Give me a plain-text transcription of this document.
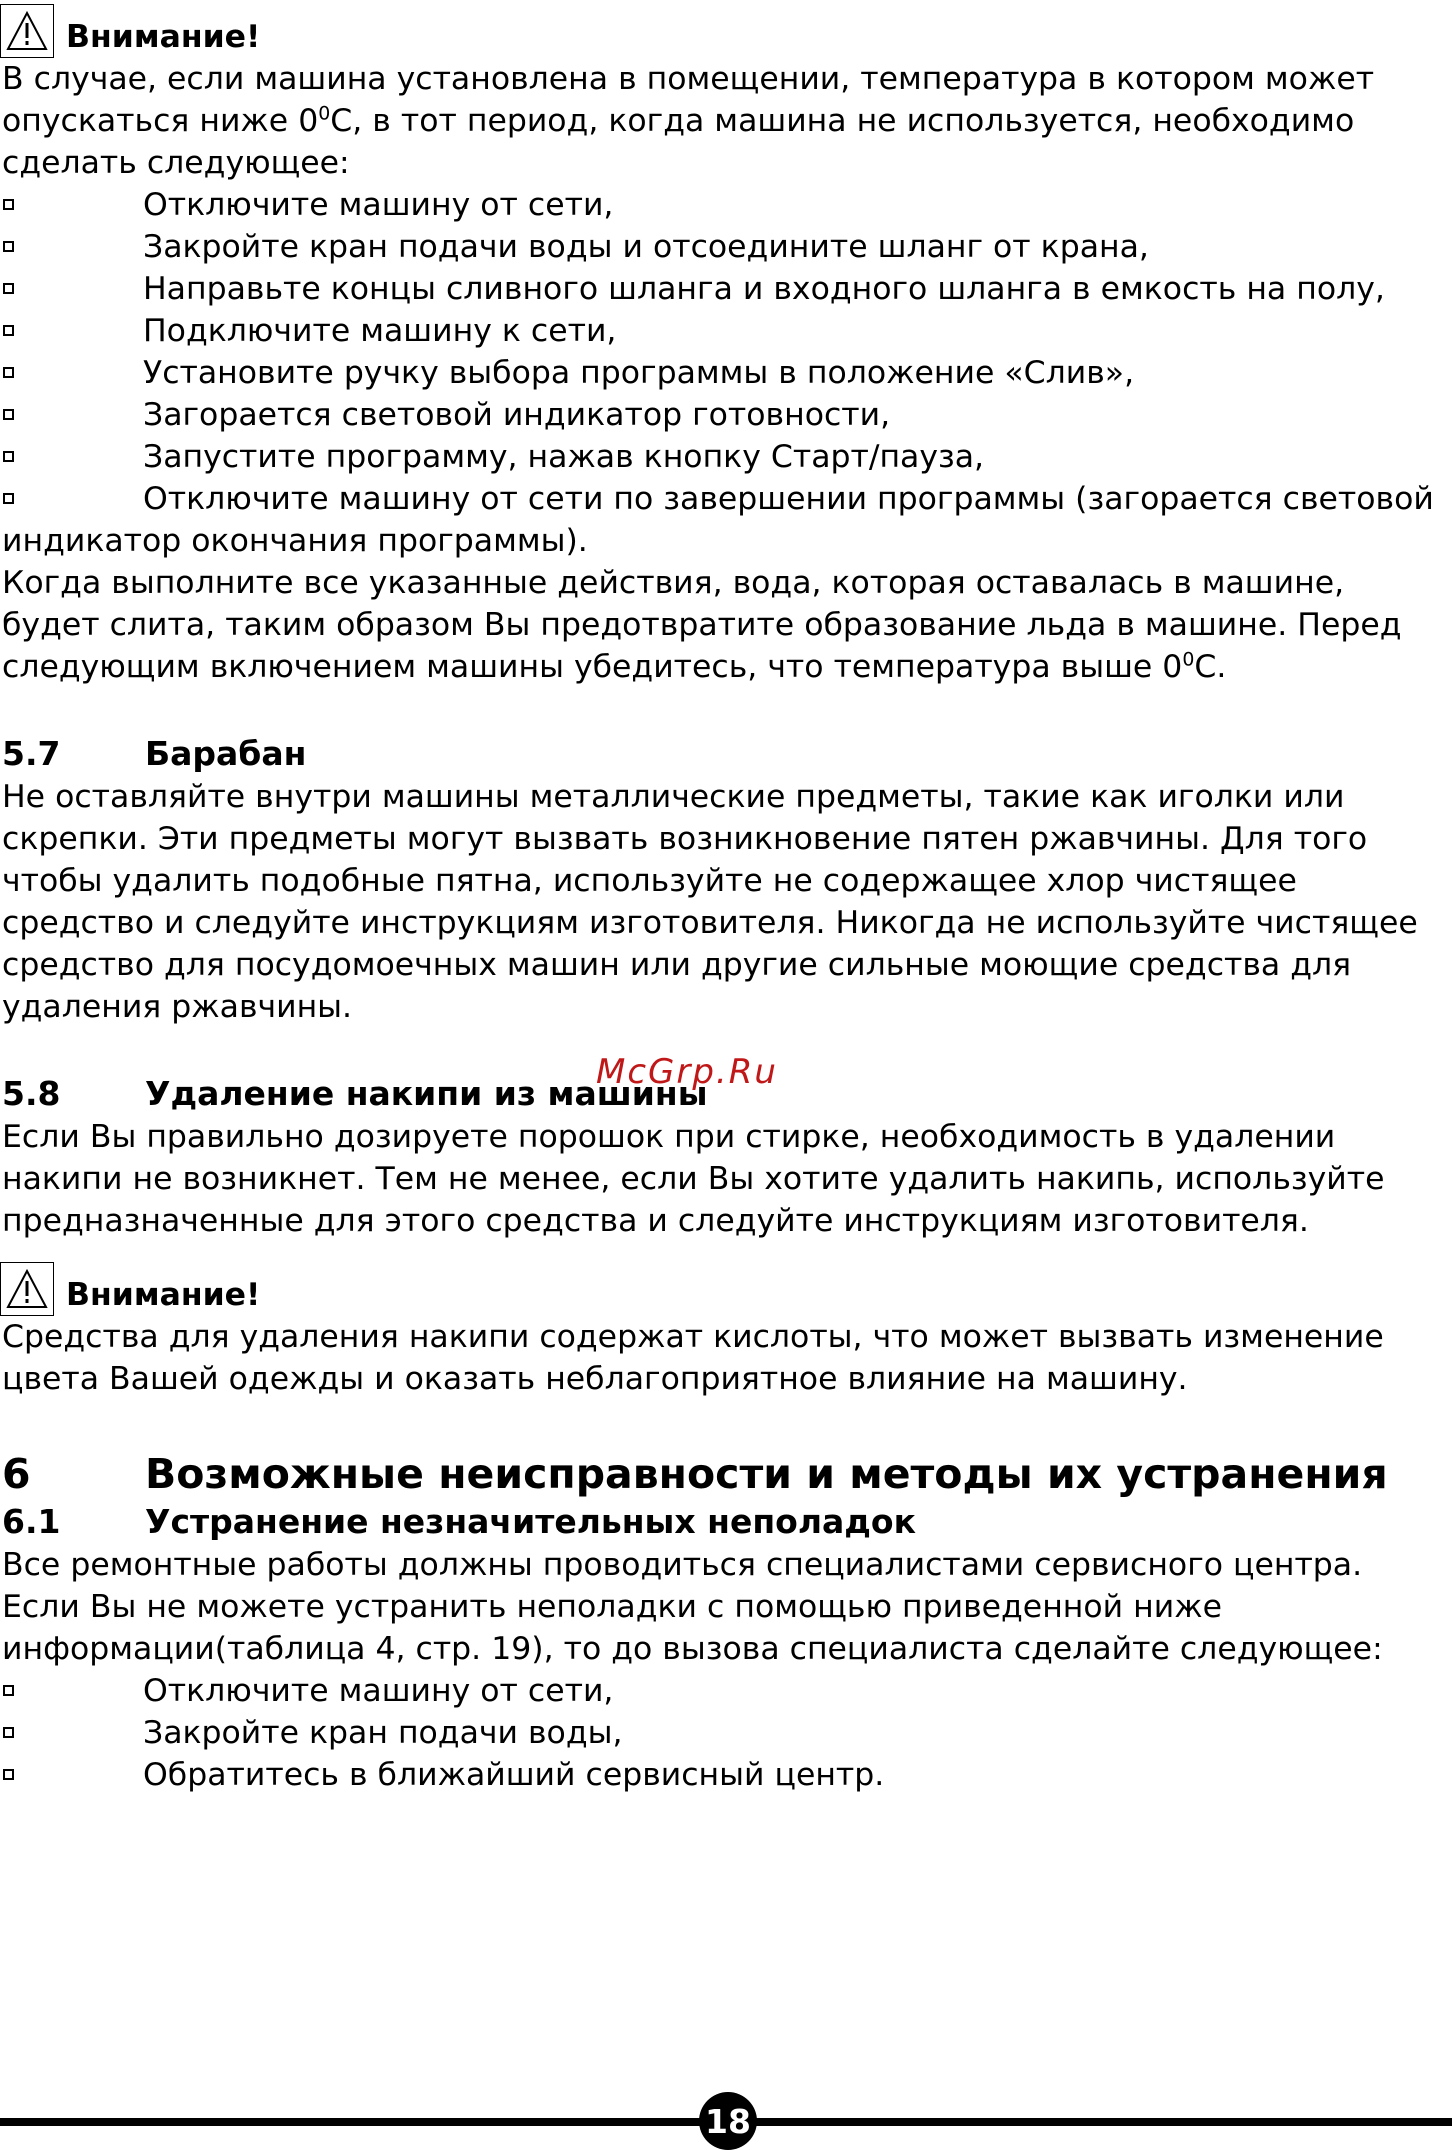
Внимание!

В случае, если машина установлена в помещении, температура в котором может опускаться ниже $0^0С$, в тот период, когда машина не используется, необходимо сделать следующее:

Отключите машину от сети,
Закройте кран подачи воды и отсоедините шланг от крана,
Направьте концы сливного шланга и входного шланга в емкость на полу,
Подключите машину к сети,
Установите ручку выбора программы в положение «Слив»,
Загорается световой индикатор готовности,
Запустите программу, нажав кнопку Старт/пауза,
Отключите машину от сети по завершении программы (загорается световой индикатор окончания программы).

Когда выполните все указанные действия, вода, которая оставалась в машине, будет слита, таким образом Вы предотвратите образование льда в машине. Перед следующим включением машины убедитесь, что температура выше $0^0С$.

5.7	Барабан

Не оставляйте внутри машины металлические предметы, такие как иголки или скрепки. Эти предметы могут вызвать возникновение пятен ржавчины. Для того чтобы удалить подобные пятна, используйте не содержащее хлор чистящее средство и следуйте инструкциям изготовителя. Никогда не используйте чистящее средство для посудомоечных машин или другие сильные моющие средства для удаления ржавчины.

5.8	Удаление накипи из машины

Если Вы правильно дозируете порошок при стирке, необходимость в удалении накипи не возникнет. Тем не менее, если Вы хотите удалить накипь, используйте предназначенные для этого средства и следуйте инструкциям изготовителя.

Внимание!

Средства для удаления накипи содержат кислоты, что может вызвать изменение цвета Вашей одежды и оказать неблагоприятное влияние на машину.

6	Возможные неисправности и методы их устранения
6.1	Устранение незначительных неполадок

Все ремонтные работы должны проводиться специалистами сервисного центра. Если Вы не можете устранить неполадки с помощью приведенной ниже информации(таблица 4, стр. 19), то до вызова специалиста сделайте следующее:

Отключите машину от сети,
Закройте кран подачи воды,
Обратитесь в ближайший сервисный центр.
McGrp.Ru
18
